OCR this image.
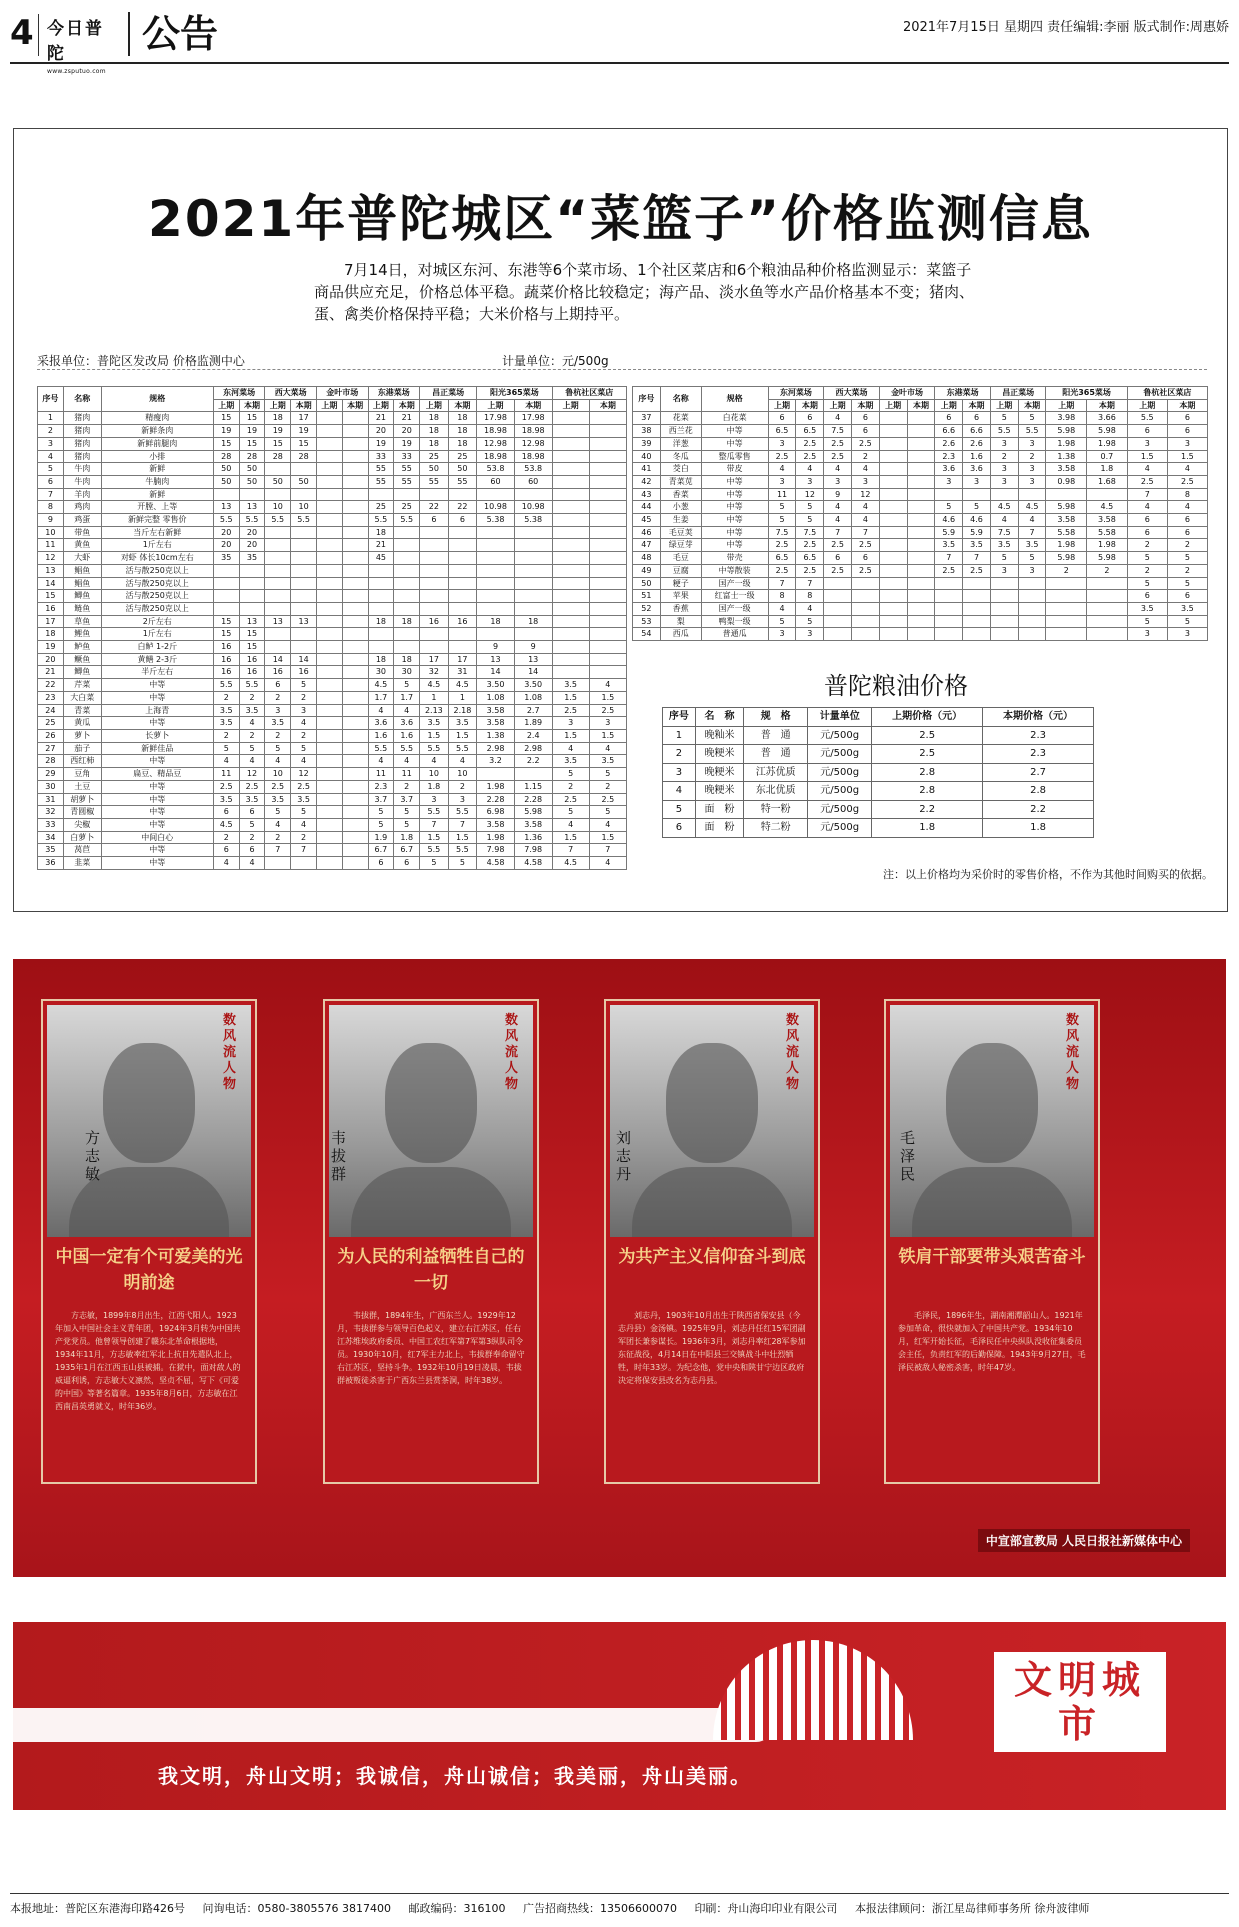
4 今日普陀
www.zsputuo.com
公告	2021年7月15日 星期四 责任编辑:李丽 版式制作:周惠娇
2021年普陀城区“菜篮子”价格监测信息
7月14日，对城区东河、东港等6个菜市场、1个社区菜店和6个粮油品种价格监测显示：菜篮子商品供应充足，价格总体平稳。蔬菜价格比较稳定；海产品、淡水鱼等水产品价格基本不变；猪肉、蛋、禽类价格保持平稳；大米价格与上期持平。
采报单位：普陀区发改局 价格监测中心	计量单位：元/500g
序号	名称	规格	东河菜场		西大菜场		金叶市场		东港菜场		昌正菜场		阳光365菜场		鲁杭社区菜店	
			上期	本期	上期	本期	上期	本期	上期	本期	上期	本期	上期	本期	上期	本期
1	猪肉	精瘦肉	15	15	18	17			21	21	18	18	17.98	17.98		
2	猪肉	新鲜条肉	19	19	19	19			20	20	18	18	18.98	18.98		
3	猪肉	新鲜前腿肉	15	15	15	15			19	19	18	18	12.98	12.98		
4	猪肉	小排	28	28	28	28			33	33	25	25	18.98	18.98		
5	牛肉	新鲜	50	50					55	55	50	50	53.8	53.8		
6	牛肉	牛腩肉	50	50	50	50			55	55	55	55	60	60		
7	羊肉	新鲜														
8	鸡肉	开膛、上等	13	13	10	10			25	25	22	22	10.98	10.98		
9	鸡蛋	新鲜完整 零售价	5.5	5.5	5.5	5.5			5.5	5.5	6	6	5.38	5.38		
10	带鱼	当斤左右新鲜	20	20					18							
11	黄鱼	1斤左右	20	20					21							
12	大虾	对虾 体长10cm左右	35	35					45							
13	鲳鱼	活与散250克以上														
14	鲳鱼	活与散250克以上														
15	鲫鱼	活与散250克以上														
16	鲢鱼	活与散250克以上														
17	草鱼	2斤左右	15	13	13	13			18	18	16	16	18	18		
18	鲤鱼	1斤左右	15	15												
19	鲈鱼	白鲈 1-2斤	16	15									9	9		
20	鳜鱼	黄鳝 2-3斤	16	16	14	14			18	18	17	17	13	13		
21	鲫鱼	半斤左右	16	16	16	16			30	30	32	31	14	14		
22	芹菜	中等	5.5	5.5	6	5			4.5	5	4.5	4.5	3.50	3.50	3.5	4
23	大白菜	中等	2	2	2	2			1.7	1.7	1	1	1.08	1.08	1.5	1.5
24	青菜	上海青	3.5	3.5	3	3			4	4	2.13	2.18	3.58	2.7	2.5	2.5
25	黄瓜	中等	3.5	4	3.5	4			3.6	3.6	3.5	3.5	3.58	1.89	3	3
26	萝卜	长萝卜	2	2	2	2			1.6	1.6	1.5	1.5	1.38	2.4	1.5	1.5
27	茄子	新鲜佳品	5	5	5	5			5.5	5.5	5.5	5.5	2.98	2.98	4	4
28	西红柿	中等	4	4	4	4			4	4	4	4	3.2	2.2	3.5	3.5
29	豆角	扁豆、精品豆	11	12	10	12			11	11	10	10			5	5
30	土豆	中等	2.5	2.5	2.5	2.5			2.3	2	1.8	2	1.98	1.15	2	2
31	胡萝卜	中等	3.5	3.5	3.5	3.5			3.7	3.7	3	3	2.28	2.28	2.5	2.5
32	青圆椒	中等	6	6	5	5			5	5	5.5	5.5	6.98	5.98	5	5
33	尖椒	中等	4.5	5	4	4			5	5	7	7	3.58	3.58	4	4
34	白萝卜	中间白心	2	2	2	2			1.9	1.8	1.5	1.5	1.98	1.36	1.5	1.5
35	莴苣	中等	6	6	7	7			6.7	6.7	5.5	5.5	7.98	7.98	7	7
36	韭菜	中等	4	4					6	6	5	5	4.58	4.58	4.5	4
序号	名称	规格	东河菜场		西大菜场		金叶市场		东港菜场		昌正菜场		阳光365菜场		鲁杭社区菜店	
			上期	本期	上期	本期	上期	本期	上期	本期	上期	本期	上期	本期	上期	本期
37	花菜	白花菜	6	6	4	6			6	6	5	5	3.98	3.66	5.5	6
38	西兰花	中等	6.5	6.5	7.5	6			6.6	6.6	5.5	5.5	5.98	5.98	6	6
39	洋葱	中等	3	2.5	2.5	2.5			2.6	2.6	3	3	1.98	1.98	3	3
40	冬瓜	整瓜零售	2.5	2.5	2.5	2			2.3	1.6	2	2	1.38	0.7	1.5	1.5
41	茭白	带皮	4	4	4	4			3.6	3.6	3	3	3.58	1.8	4	4
42	青菜苋	中等	3	3	3	3			3	3	3	3	0.98	1.68	2.5	2.5
43	香菜	中等	11	12	9	12									7	8
44	小葱	中等	5	5	4	4			5	5	4.5	4.5	5.98	4.5	4	4
45	生姜	中等	5	5	4	4			4.6	4.6	4	4	3.58	3.58	6	6
46	毛豆荚	中等	7.5	7.5	7	7			5.9	5.9	7.5	7	5.58	5.58	6	6
47	绿豆芽	中等	2.5	2.5	2.5	2.5			3.5	3.5	3.5	3.5	1.98	1.98	2	2
48	毛豆	带壳	6.5	6.5	6	6			7	7	5	5	5.98	5.98	5	5
49	豆腐	中等散装	2.5	2.5	2.5	2.5			2.5	2.5	3	3	2	2	2	2
50	粳子	国产一级	7	7											5	5
51	苹果	红富士一级	8	8											6	6
52	香蕉	国产一级	4	4											3.5	3.5
53	梨	鸭梨一级	5	5											5	5
54	西瓜	普通瓜	3	3											3	3
普陀粮油价格
序号	名　称	规　格	计量单位	上期价格（元）	本期价格（元）
1	晚籼米	普　通	元/500g	2.5	2.3
2	晚粳米	普　通	元/500g	2.5	2.3
3	晚粳米	江苏优质	元/500g	2.8	2.7
4	晚粳米	东北优质	元/500g	2.8	2.8
5	面　粉	特一粉	元/500g	2.2	2.2
6	面　粉	特二粉	元/500g	1.8	1.8
注：以上价格均为采价时的零售价格，不作为其他时间购买的依据。
数风流人物
方志敏
中国一定有个可爱美的光明前途
方志敏，1899年8月出生，江西弋阳人。1923年加入中国社会主义青年团，1924年3月转为中国共产党党员。他曾领导创建了赣东北革命根据地，1934年11月，方志敏率红军北上抗日先遣队北上，1935年1月在江西玉山县被捕。在狱中，面对敌人的威逼利诱，方志敏大义凛然，坚贞不屈，写下《可爱的中国》等著名篇章。1935年8月6日，方志敏在江西南昌英勇就义，时年36岁。
数风流人物
韦拔群
为人民的利益牺牲自己的一切
韦拔群，1894年生，广西东兰人。1929年12月，韦拔群参与领导百色起义，建立右江苏区，任右江苏维埃政府委员、中国工农红军第7军第3纵队司令员。1930年10月，红7军主力北上，韦拔群奉命留守右江苏区，坚持斗争。1932年10月19日凌晨，韦拔群被叛徒杀害于广西东兰县赏茶洞，时年38岁。
数风流人物
刘志丹
为共产主义信仰奋斗到底
刘志丹，1903年10月出生于陕西省保安县（今志丹县）金汤镇。1925年9月，刘志丹任红15军团副军团长兼参谋长。1936年3月，刘志丹率红28军参加东征战役，4月14日在中阳县三交镇战斗中壮烈牺牲，时年33岁。为纪念他，党中央和陕甘宁边区政府决定将保安县改名为志丹县。
数风流人物
毛泽民
铁肩干部要带头艰苦奋斗
毛泽民，1896年生，湖南湘潭韶山人。1921年参加革命，很快就加入了中国共产党。1934年10月，红军开始长征，毛泽民任中央纵队没收征集委员会主任，负责红军的后勤保障。1943年9月27日，毛泽民被敌人秘密杀害，时年47岁。
中宣部宣教局 人民日报社新媒体中心
文明城市
我文明，舟山文明；我诚信，舟山诚信；我美丽，舟山美丽。
本报地址：普陀区东港海印路426号 问询电话：0580-3805576 3817400 邮政编码：316100 广告招商热线：13506600070 印刷：舟山海印印业有限公司 本报法律顾问：浙江星岛律师事务所 徐舟波律师
